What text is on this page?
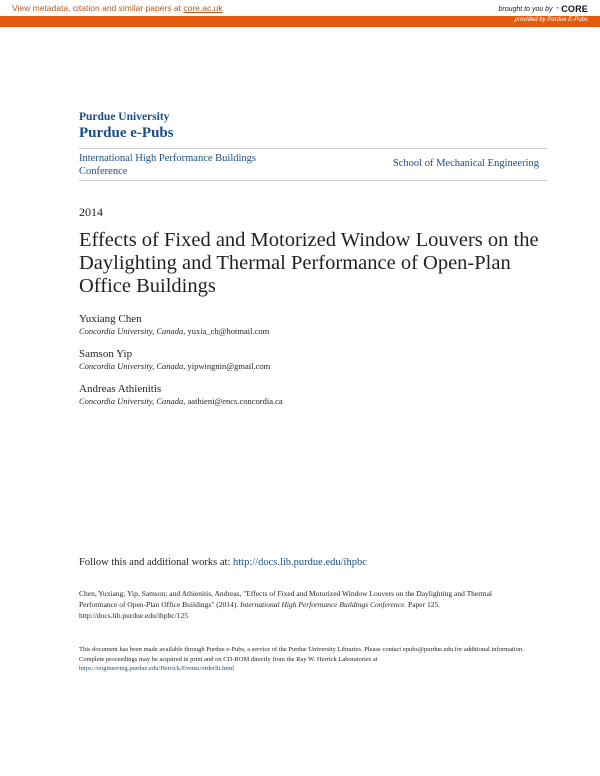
View metadata, citation and similar papers at core.ac.uk	brought to you by ◔ CORE
provided by Purdue E-Pubs
Purdue University
Purdue e-Pubs
International High Performance Buildings Conference
School of Mechanical Engineering
2014
Effects of Fixed and Motorized Window Louvers on the Daylighting and Thermal Performance of Open-Plan Office Buildings
Yuxiang Chen
Concordia University, Canada, yuxia_ch@hotmail.com
Samson Yip
Concordia University, Canada, yipwingnin@gmail.com
Andreas Athienitis
Concordia University, Canada, aathieni@encs.concordia.ca
Follow this and additional works at: http://docs.lib.purdue.edu/ihpbc
Chen, Yuxiang; Yip, Samson; and Athienitis, Andreas, "Effects of Fixed and Motorized Window Louvers on the Daylighting and Thermal Performance of Open-Plan Office Buildings" (2014). International High Performance Buildings Conference. Paper 125.
http://docs.lib.purdue.edu/ihpbc/125

This document has been made available through Purdue e-Pubs, a service of the Purdue University Libraries. Please contact epubs@purdue.edu for additional information.

Complete proceedings may be acquired in print and on CD-ROM directly from the Ray W. Herrick Laboratories at https://engineering.purdue.edu/Herrick/Events/orderlit.html
